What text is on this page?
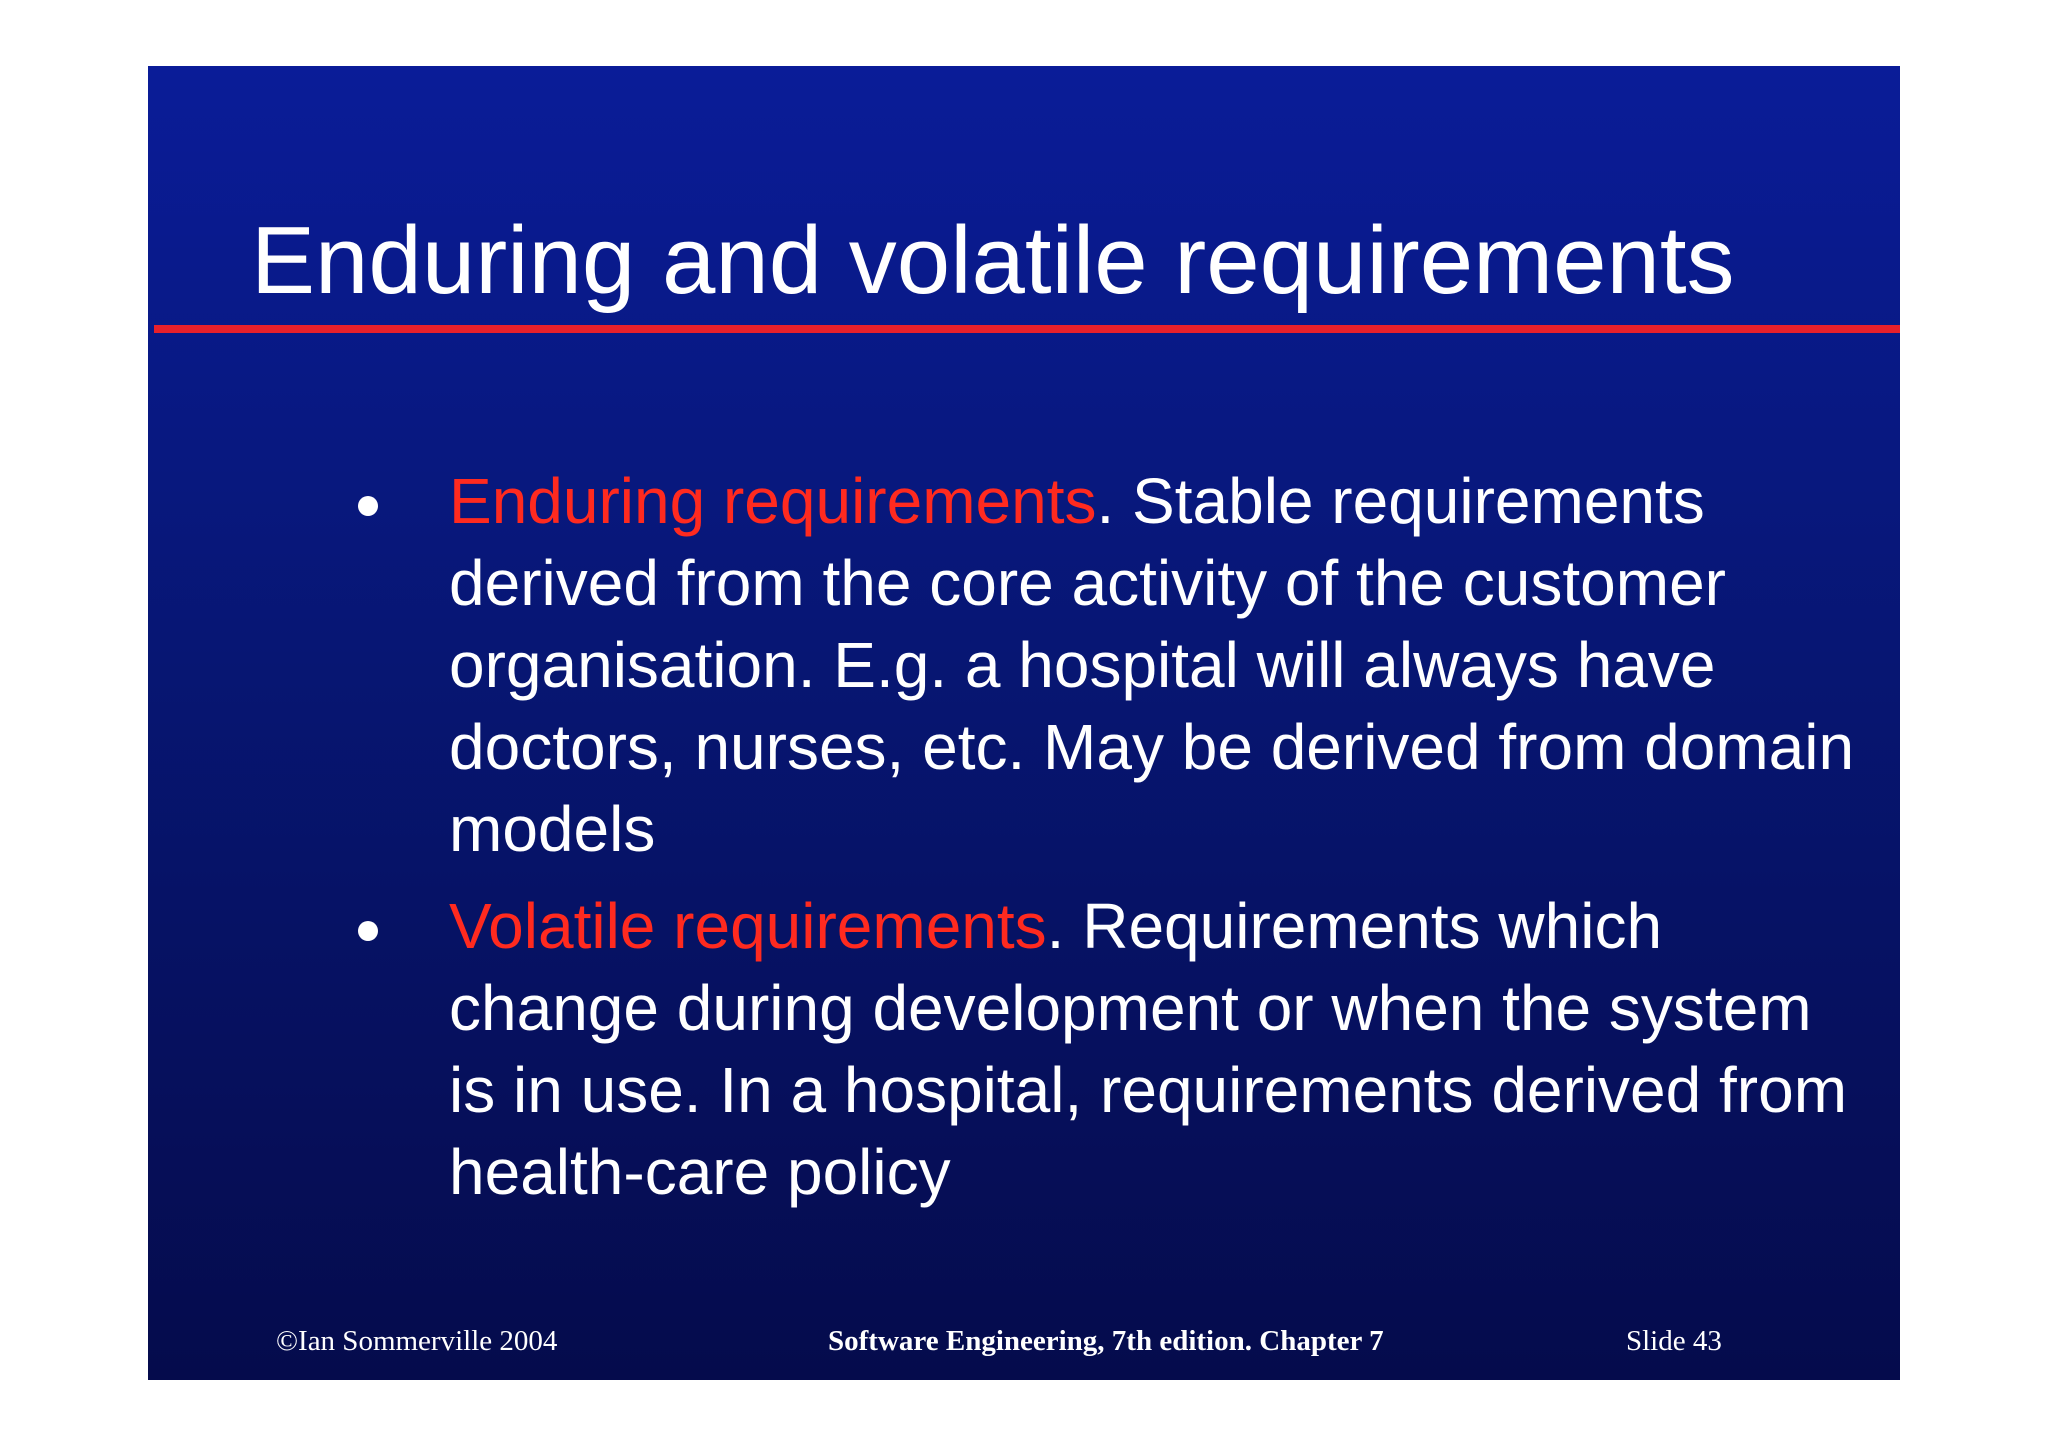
Enduring and volatile requirements

Enduring requirements. Stable requirements derived from the core activity of the customer organisation. E.g. a hospital will always have doctors, nurses, etc. May be derived from domain models

Volatile requirements. Requirements which change during development or when the system is in use. In a hospital, requirements derived from health-care policy

©Ian Sommerville 2004	Software Engineering, 7th edition. Chapter 7	Slide 43
